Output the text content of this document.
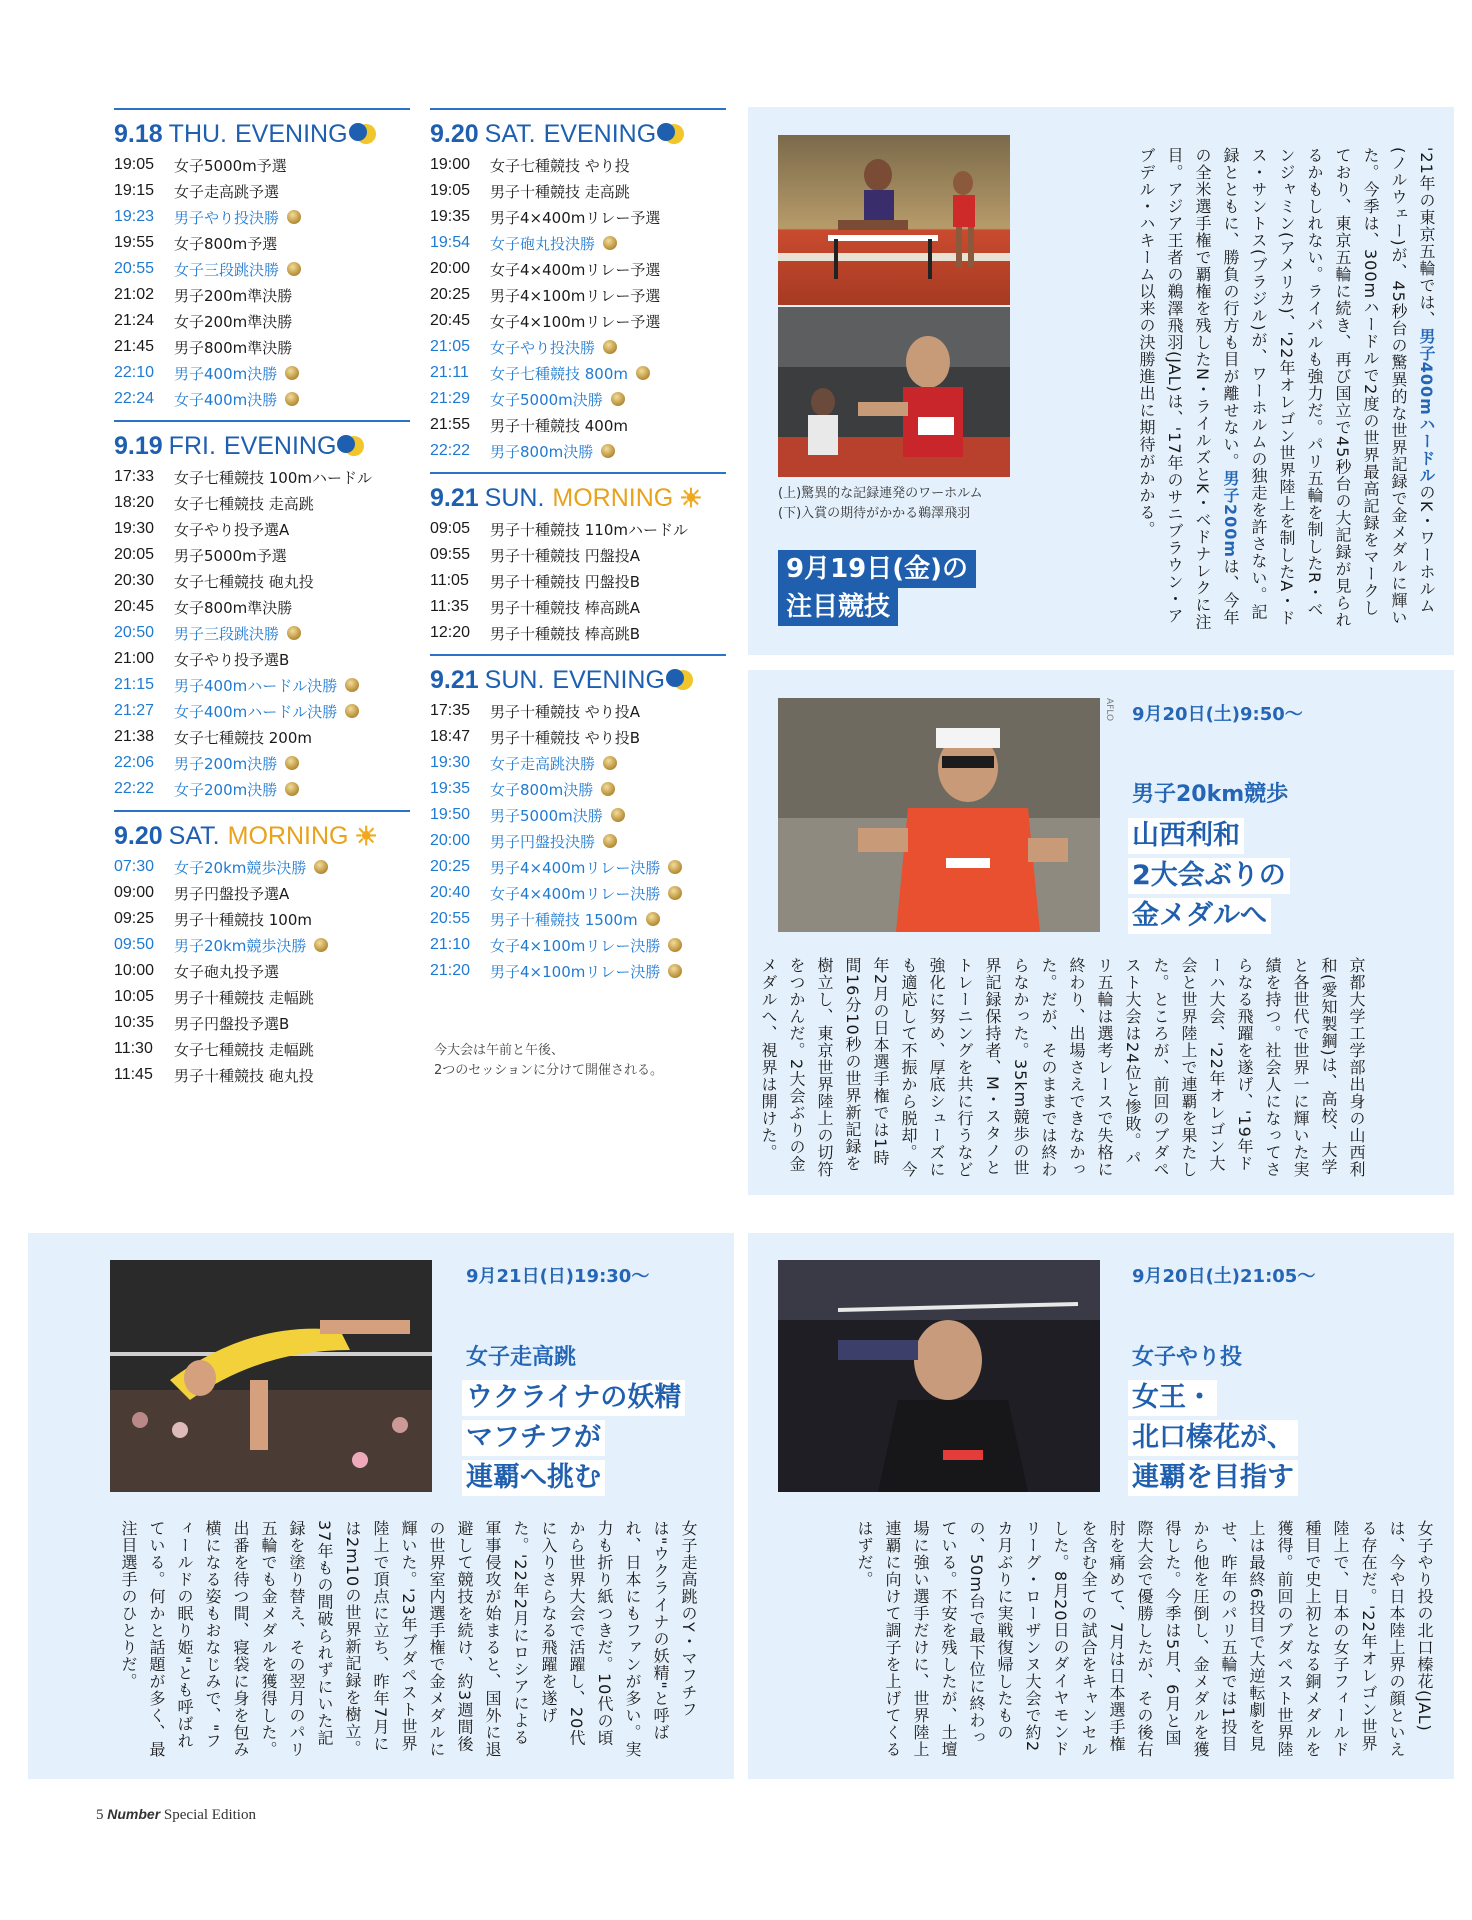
9.18 THU. EVENING
19:05	女子5000m予選
19:15	女子走高跳予選
19:23	男子やり投決勝
19:55	女子800m予選
20:55	女子三段跳決勝
21:02	男子200m準決勝
21:24	女子200m準決勝
21:45	男子800m準決勝
22:10	男子400m決勝
22:24	女子400m決勝
9.19 FRI. EVENING
17:33	女子七種競技 100mハードル
18:20	女子七種競技 走高跳
19:30	女子やり投予選A
20:05	男子5000m予選
20:30	女子七種競技 砲丸投
20:45	女子800m準決勝
20:50	男子三段跳決勝
21:00	女子やり投予選B
21:15	男子400mハードル決勝
21:27	女子400mハードル決勝
21:38	女子七種競技 200m
22:06	男子200m決勝
22:22	女子200m決勝
9.20 SAT. MORNING ☀
07:30	女子20km競歩決勝
09:00	男子円盤投予選A
09:25	男子十種競技 100m
09:50	男子20km競歩決勝
10:00	女子砲丸投予選
10:05	男子十種競技 走幅跳
10:35	男子円盤投予選B
11:30	女子七種競技 走幅跳
11:45	男子十種競技 砲丸投
9.20 SAT. EVENING
19:00	女子七種競技 やり投
19:05	男子十種競技 走高跳
19:35	男子4×400mリレー予選
19:54	女子砲丸投決勝
20:00	女子4×400mリレー予選
20:25	男子4×100mリレー予選
20:45	女子4×100mリレー予選
21:05	女子やり投決勝
21:11	女子七種競技 800m
21:29	女子5000m決勝
21:55	男子十種競技 400m
22:22	男子800m決勝
9.21 SUN. MORNING ☀
09:05	男子十種競技 110mハードル
09:55	男子十種競技 円盤投A
11:05	男子十種競技 円盤投B
11:35	男子十種競技 棒高跳A
12:20	男子十種競技 棒高跳B
9.21 SUN. EVENING
17:35	男子十種競技 やり投A
18:47	男子十種競技 やり投B
19:30	女子走高跳決勝
19:35	女子800m決勝
19:50	男子5000m決勝
20:00	男子円盤投決勝
20:25	男子4×400mリレー決勝
20:40	女子4×400mリレー決勝
20:55	男子十種競技 1500m
21:10	女子4×100mリレー決勝
21:20	男子4×100mリレー決勝
今大会は午前と午後、
2つのセッションに分けて開催される。
(上)驚異的な記録連発のワーホルム
(下)入賞の期待がかかる鵜澤飛羽
9月19日(金)の
注目競技
'21年の東京五輪では、男子400mハードルのK・ワーホルム(ノルウェー)が、45秒台の驚異的な世界記録で金メダルに輝いた。今季は、300mハードルで2度の世界最高記録をマークしており、東京五輪に続き、再び国立で45秒台の大記録が見られるかもしれない。ライバルも強力だ。パリ五輪を制したR・ベンジャミン(アメリカ)、'22年オレゴン世界陸上を制したA・ドス・サントス(ブラジル)が、ワーホルムの独走を許さない。記録とともに、勝負の行方も目が離せない。男子200mは、今年の全米選手権で覇権を残したN・ライルズとK・ベドナレクに注目。アジア王者の鵜澤飛羽(JAL)は、'17年のサニブラウン・アブデル・ハキーム以来の決勝進出に期待がかかる。
AFLO 9月20日(土)9:50〜
男子20km競歩
山西利和
2大会ぶりの
金メダルへ
京都大学工学部出身の山西利和(愛知製鋼)は、高校、大学と各世代で世界一に輝いた実績を持つ。社会人になってさらなる飛躍を遂げ、'19年ドーハ大会、'22年オレゴン大会と世界陸上で連覇を果たした。ところが、前回のブダペスト大会は24位と惨敗。パリ五輪は選考レースで失格に終わり、出場さえできなかった。だが、そのままでは終わらなかった。35km競歩の世界記録保持者、M・スタノとトレーニングを共に行うなど強化に努め、厚底シューズにも適応して不振から脱却。今年2月の日本選手権では1時間16分10秒の世界新記録を樹立し、東京世界陸上の切符をつかんだ。2大会ぶりの金メダルへ、視界は開けた。
9月21日(日)19:30〜
女子走高跳
ウクライナの妖精
マフチフが
連覇へ挑む
女子走高跳のY・マフチフは"ウクライナの妖精"と呼ばれ、日本にもファンが多い。実力も折り紙つきだ。10代の頃から世界大会で活躍し、20代に入りさらなる飛躍を遂げた。'22年2月にロシアによる軍事侵攻が始まると、国外に退避して競技を続け、約3週間後の世界室内選手権で金メダルに輝いた。'23年ブダペスト世界陸上で頂点に立ち、昨年7月には2m10の世界新記録を樹立。37年もの間破られずにいた記録を塗り替え、その翌月のパリ五輪でも金メダルを獲得した。出番を待つ間、寝袋に身を包み横になる姿もおなじみで、"フィールドの眠り姫"とも呼ばれている。何かと話題が多く、最注目選手のひとりだ。
9月20日(土)21:05〜
女子やり投
女王・
北口榛花が、
連覇を目指す
女子やり投の北口榛花(JAL)は、今や日本陸上界の顔といえる存在だ。'22年オレゴン世界陸上で、日本の女子フィールド種目で史上初となる銅メダルを獲得。前回のブダペスト世界陸上は最終6投目で大逆転劇を見せ、昨年のパリ五輪では1投目から他を圧倒し、金メダルを獲得した。今季は5月、6月と国際大会で優勝したが、その後右肘を痛めて、7月は日本選手権を含む全ての試合をキャンセルした。8月20日のダイヤモンドリーグ・ローザンヌ大会で約2カ月ぶりに実戦復帰したものの、50m台で最下位に終わっている。不安を残したが、土壇場に強い選手だけに、世界陸上連覇に向けて調子を上げてくるはずだ。
5 Number Special Edition
